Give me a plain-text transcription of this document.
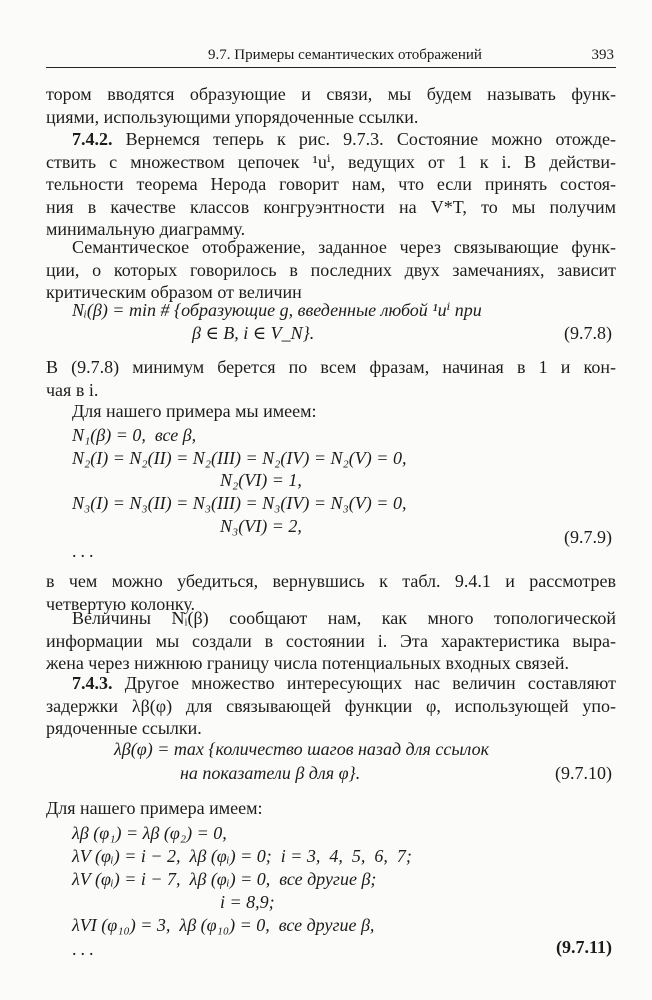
9.7. Примеры семантических отображений	393
тором вводятся образующие и связи, мы будем называть функ-
циями, использующими упорядоченные ссылки.
7.4.2. Вернемся теперь к рис. 9.7.3. Состояние можно отожде-
ствить с множеством цепочек ¹uⁱ, ведущих от 1 к i. В действи-
тельности теорема Нерода говорит нам, что если принять состоя-
ния в качестве классов конгруэнтности на V*T, то мы получим
минимальную диаграмму.
Семантическое отображение, заданное через связывающие функ-
ции, о которых говорилось в последних двух замечаниях, зависит
критическим образом от величин
Nᵢ(β) = min # {образующие g, введенные любой ¹uⁱ при
β ∈ B, i ∈ V_N}.	(9.7.8)
В (9.7.8) минимум берется по всем фразам, начиная в 1 и кон-
чая в i.
Для нашего примера мы имеем:
N₁(β) = 0,  все β,
N₂(I) = N₂(II) = N₂(III) = N₂(IV) = N₂(V) = 0,
N₂(VI) = 1,
N₃(I) = N₃(II) = N₃(III) = N₃(IV) = N₃(V) = 0,
N₃(VI) = 2,
...
(9.7.9)
в чем можно убедиться, вернувшись к табл. 9.4.1 и рассмотрев
четвертую колонку.
Величины Nᵢ(β) сообщают нам, как много топологической
информации мы создали в состоянии i. Эта характеристика выра-
жена через нижнюю границу числа потенциальных входных связей.
7.4.3. Другое множество интересующих нас величин составляют
задержки λβ(φ) для связывающей функции φ, использующей упо-
рядоченные ссылки.
λβ(φ) = max {количество шагов назад для ссылок
на показатели β для φ}.	(9.7.10)
Для нашего примера имеем:
λβ (φ₁) = λβ (φ₂) = 0,
λV (φᵢ) = i − 2,  λβ (φᵢ) = 0;  i = 3,  4,  5,  6,  7;
λV (φᵢ) = i − 7,  λβ (φᵢ) = 0,  все другие β;
i = 8,9;
λVI (φ₁₀) = 3,  λβ (φ₁₀) = 0,  все другие β,
...	(9.7.11)
